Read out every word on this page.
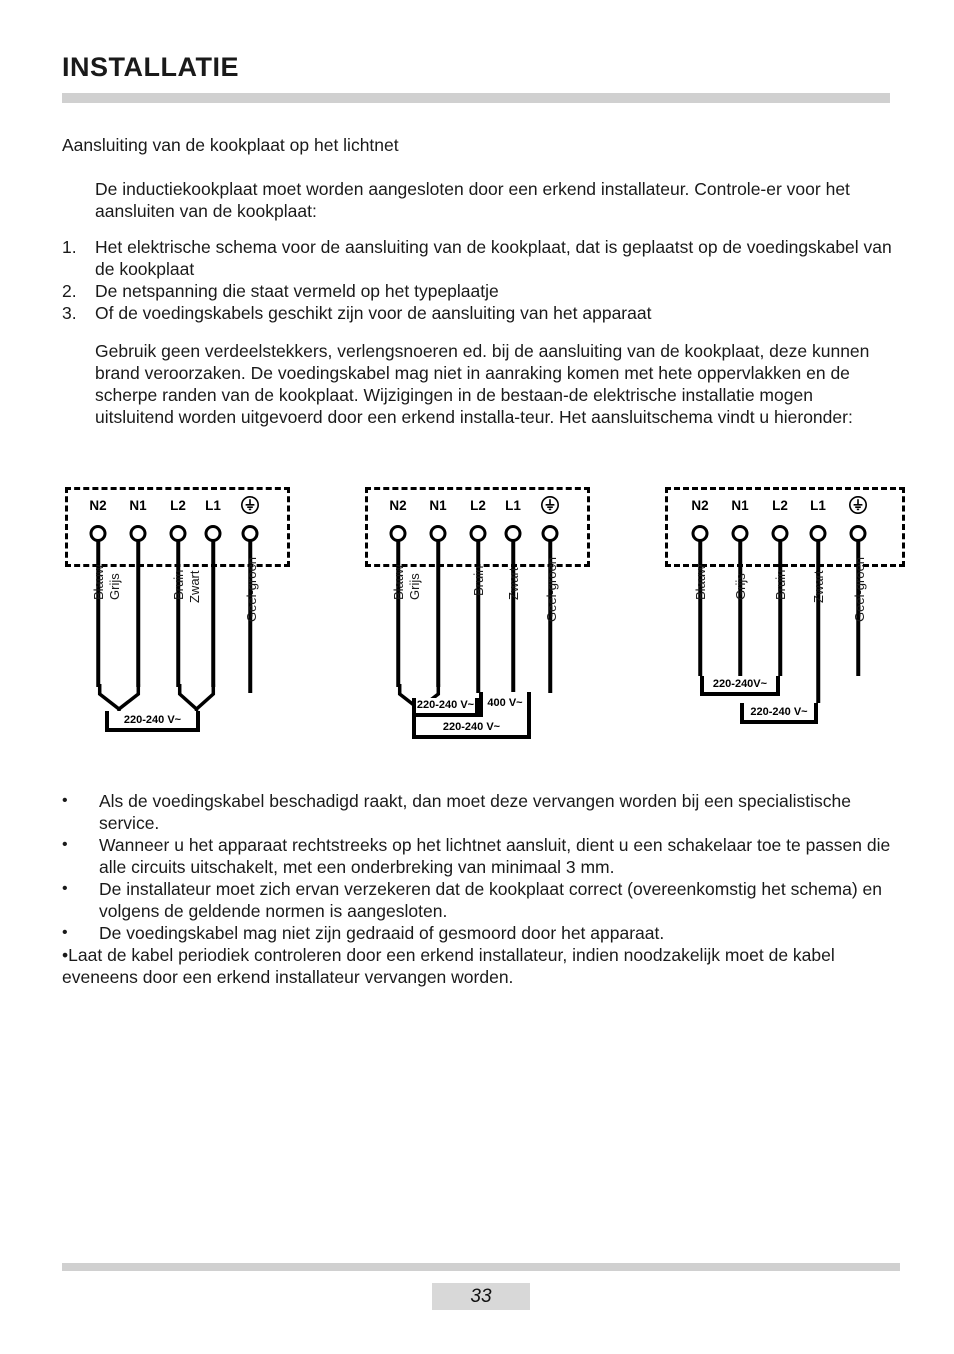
INSTALLATIE
Aansluiting van de kookplaat op het lichtnet
De inductiekookplaat moet worden aangesloten door een erkend installateur. Controle-er voor het aansluiten van de kookplaat:
1.	Het elektrische schema voor de aansluiting van de kookplaat, dat is geplaatst op de voedingskabel van de kookplaat
2.	De netspanning die staat vermeld op het typeplaatje
3.	Of de voedingskabels geschikt zijn voor de aansluiting van het apparaat
Gebruik geen verdeelstekkers, verlengsnoeren ed. bij de aansluiting van de kookplaat, deze kunnen brand veroorzaken. De voedingskabel mag niet in aanraking komen met hete oppervlakken en de scherpe randen van de kookplaat. Wijzigingen in de bestaan-de elektrische installatie mogen uitsluitend worden uitgevoerd door een erkend installa-teur. Het aansluitschema vindt u hieronder:
N2 N1 L2 L1
Blauw Grijs	Bruin Zwart	Geel-groen
220-240 V~
N2 N1 L2 L1
Blauw Grijs	Bruin Zwart Geel-groen
220-240 V~ 400 V~
220-240 V~
N2 N1 L2 L1
Blauw Grijs Bruin Zwart Geel-groen
220-240V~
220-240 V~
• Als de voedingskabel beschadigd raakt, dan moet deze vervangen worden bij een specialistische service.
• Wanneer u het apparaat rechtstreeks op het lichtnet aansluit, dient u een schakelaar toe te passen die alle circuits uitschakelt, met een onderbreking van minimaal 3 mm.
• De installateur moet zich ervan verzekeren dat de kookplaat correct (overeenkomstig het schema) en volgens de geldende normen is aangesloten.
• De voedingskabel mag niet zijn gedraaid of gesmoord door het apparaat.
•Laat de kabel periodiek controleren door een erkend installateur, indien noodzakelijk moet de kabel eveneens door een erkend installateur vervangen worden.
33
